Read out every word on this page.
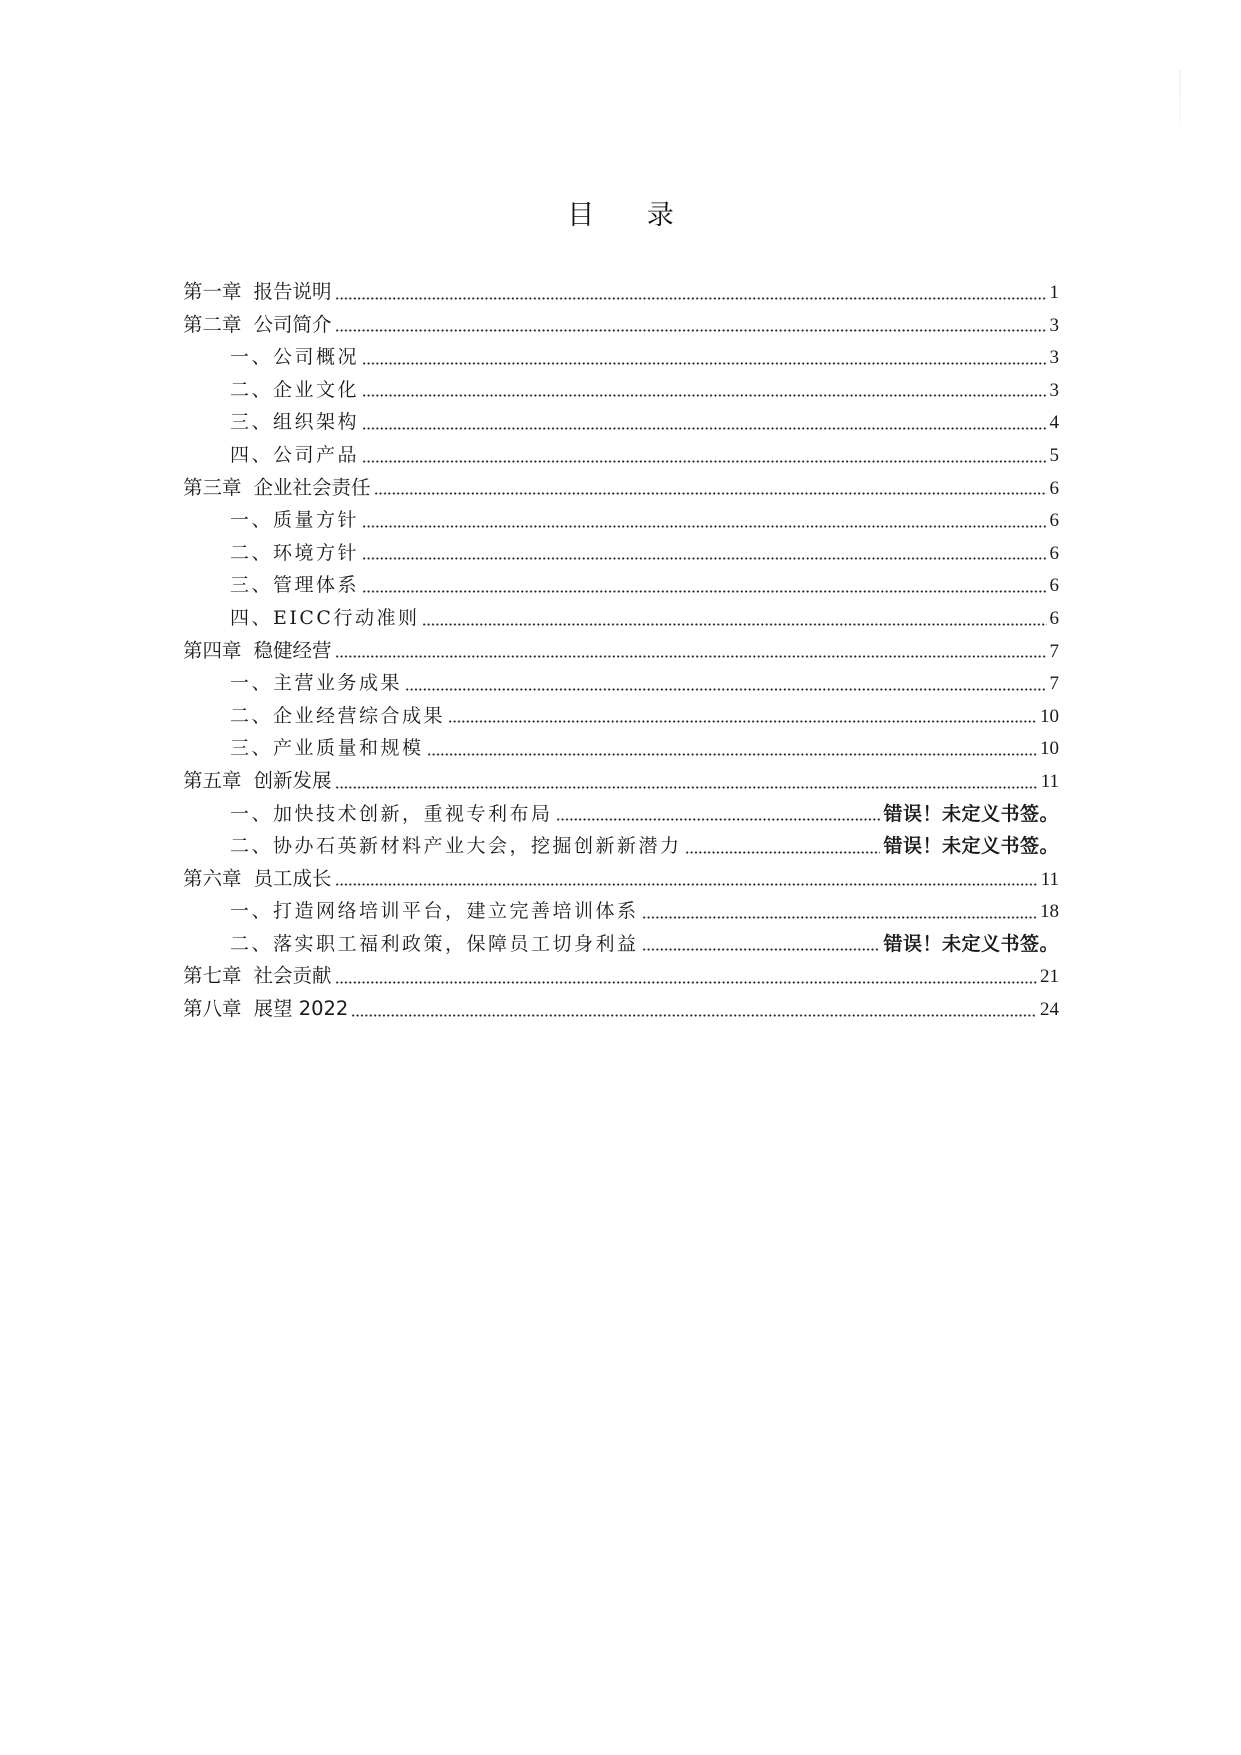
目 录
第一章 报告说明	1
第二章 公司简介	3
一、公司概况	3
二、企业文化	3
三、组织架构	4
四、公司产品	5
第三章 企业社会责任	6
一、质量方针	6
二、环境方针	6
三、管理体系	6
四、EICC行动准则	6
第四章 稳健经营	7
一、主营业务成果	7
二、企业经营综合成果	10
三、产业质量和规模	10
第五章 创新发展	11
一、加快技术创新，重视专利布局	错误！未定义书签。
二、协办石英新材料产业大会，挖掘创新新潜力	错误！未定义书签。
第六章 员工成长	11
一、打造网络培训平台，建立完善培训体系	18
二、落实职工福利政策，保障员工切身利益	错误！未定义书签。
第七章 社会贡献	21
第八章 展望 2022	24
